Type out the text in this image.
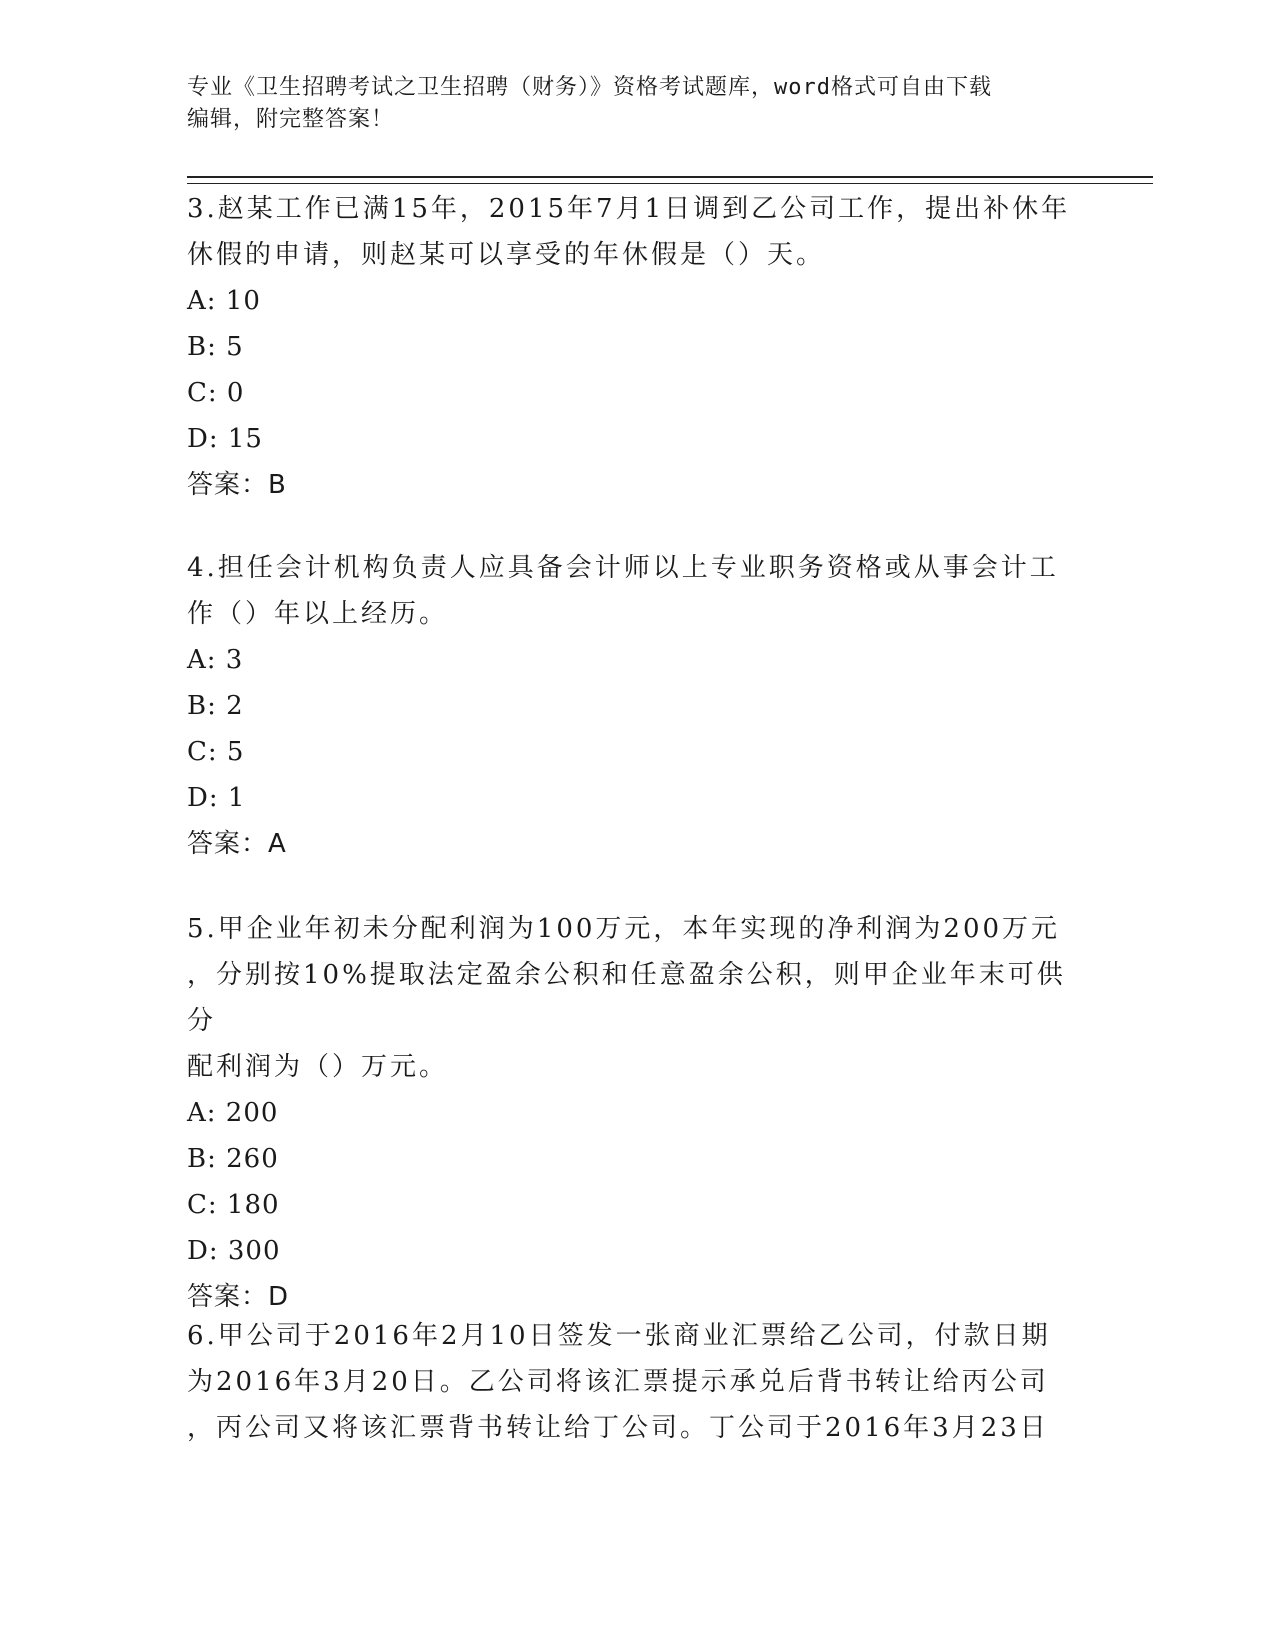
专业《卫生招聘考试之卫生招聘（财务）》资格考试题库，word格式可自由下载
编辑，附完整答案！
3.赵某工作已满15年，2015年7月1日调到乙公司工作，提出补休年
休假的申请，则赵某可以享受的年休假是（）天。
A: 10
B: 5
C: 0
D: 15
答案：B
4.担任会计机构负责人应具备会计师以上专业职务资格或从事会计工
作（）年以上经历。
A: 3
B: 2
C: 5
D: 1
答案：A
5.甲企业年初未分配利润为100万元，本年实现的净利润为200万元
，分别按10%提取法定盈余公积和任意盈余公积，则甲企业年末可供分
配利润为（）万元。
A: 200
B: 260
C: 180
D: 300
答案：D
6.甲公司于2016年2月10日签发一张商业汇票给乙公司，付款日期
为2016年3月20日。乙公司将该汇票提示承兑后背书转让给丙公司
，丙公司又将该汇票背书转让给丁公司。丁公司于2016年3月23日
